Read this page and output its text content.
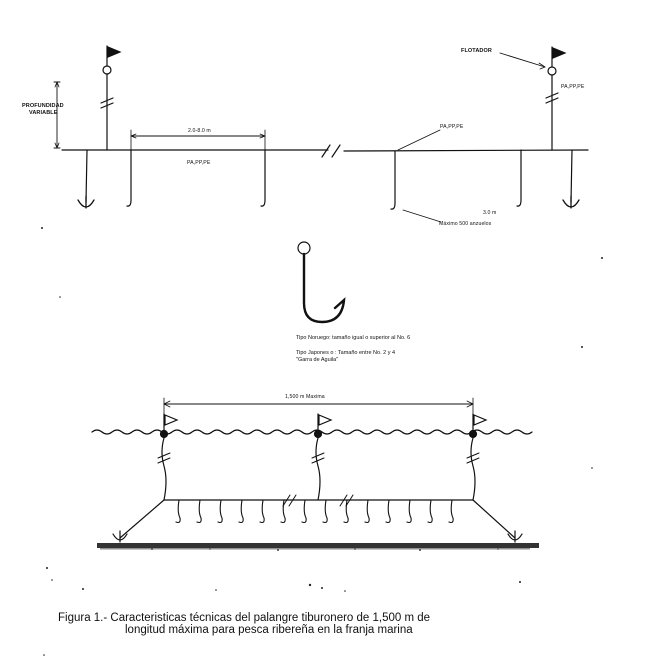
PROFUNDIDAD
VARIABLE
2.0-8.0 m
PA,PP,PE
PA,PP,PE
PA,PP,PE
FLOTADOR
Máximo 500 anzuelos
3.0 m
Tipo Noruego: tamaño igual o superior al No. 6
Tipo Japones o : Tamaño entre No. 2 y 4
"Garra de Aguila"
1,500 m Maxima
Figura 1.- Caracteristicas técnicas del palangre tiburonero de 1,500 m de
longitud máxima para pesca ribereña en la franja marina
